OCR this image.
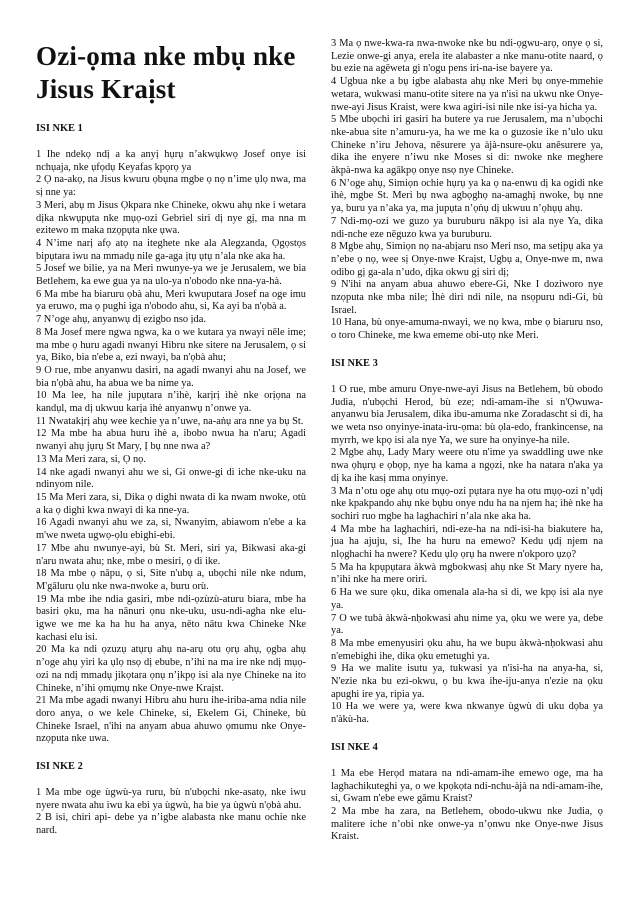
Ozi-ọma nke mbụ nke Jisus Kraịst
ISI NKE 1

1 Ihe ndekọ ndị a ka anyị hụrụ n’akwụkwọ Josef onye isi nchụaja, nke ụfọdụ Keyafas kpọrọ ya

2 Ọ na-akọ, na Jisus kwuru ọbụna mgbe ọ nọ n’ime ụlọ nwa, ma sị nne ya:

3 Meri, abụ m Jisus Ọkpara nke Chineke, okwu ahụ nke i wetara dịka nkwụpụta nke mụọ-ozi Gebriel siri dị nye gị, ma nna m ezitewo m maka nzọpụta nke ụwa.

4 N’ime narị afọ atọ na iteghete nke ala Alegzanda, Ọgọstọs bipụtara iwu na mmadụ nile ga-aga ịtụ ụtụ n’ala nke aka ha.

5 Josef we bilie, ya na Meri nwunye-ya we je Jerusalem, we bia Betlehem, ka ewe gua ya na ulo-ya n'obodo nke nna-ya-hà.

6 Ma mbe ha biaruru ọbà ahu, Meri kwuputara Josef na oge imu ya eruwo, ma ọ pughi iga n'obodo ahu, si, Ka ayi ba n'ọbà a.

7 N’oge ahụ, anyanwụ dị ezigbo nso ịda.

8 Ma Josef mere ngwa ngwa, ka o we kutara ya nwayi nēle ime; ma mbe ọ huru agadi nwanyi Hibru nke sitere na Jerusalem, ọ si ya, Biko, bia n'ebe a, ezi nwayi, ba n'ọbà ahu;

9 O rue, mbe anyanwu dasiri, na agadi nwanyi ahu na Josef, we bia n'ọbà ahu, ha abua we ba nime ya.

10 Ma lee, ha nile jupụtara n’ìhè, karịrị ìhè nke orịọna na kandụl, ma dị ukwuu karịa ìhè anyanwụ n’onwe ya.

11 Nwatakịrị ahụ wee kechie ya n’uwe, na-aṅụ ara nne ya bụ St.

12 Ma mbe ha abua huru ìhè a, ibobo nwua ha n'aru; Agadi nwanyi ahụ jụrụ St Mary, Ị bụ nne nwa a?

13 Ma Meri zara, si, Ọ nọ.

14 nke agadi nwanyi ahu we si, Gi onwe-gi di iche nke-uku na ndinyom nile.

15 Ma Meri zara, si, Dika ọ dighi nwata di ka nwam nwoke, otù a ka ọ dighi kwa nwayi di ka nne-ya.

16 Agadi nwanyi ahu we za, si, Nwanyim, abiawom n'ebe a ka m'we nweta ugwọ-ọlu ebighi-ebi.

17 Mbe ahu nwunye-ayi, bù St. Meri, siri ya, Bikwasi aka-gi n'aru nwata ahu; nke, mbe o mesiri, ọ di ike.

18 Ma mbe ọ nāpu, ọ si, Site n'ubụ a, ubọchi nile nke ndum, M'gāluru ọlu nke nwa-nwoke a, buru orù.

19 Ma mbe ihe ndia gasiri, mbe ndi-ọzùzù-aturu biara, mbe ha basiri ọku, ma ha nānuri ọnu nke-uku, usu-ndi-agha nke elu-igwe we me ka ha hu ha anya, nēto nātu kwa Chineke Nke kachasi elu isi.

20 Ma ka ndi ọzuzụ atụrụ ahụ na-arụ otu ọrụ ahụ, ọgba ahụ n’oge ahụ yiri ka ụlọ nsọ dị ebube, n’ihi na ma ire nke ndị mụọ-ozi na ndị mmadụ jikọtara ọnụ n’ịkpọ isi ala nye Chineke na ito Chineke, n’ihi ọmụmụ nke Onye-nwe Kraịst.

21 Ma mbe agadi nwanyi Hibru ahu huru ihe-iriba-ama ndia nile doro anya, o we kele Chineke, si, Ekelem Gi, Chineke, bù Chineke Israel, n'ihi na anyam abua ahuwo ọmumu nke Onye-nzọputa nke uwa.

ISI NKE 2

1 Ma mbe oge ùgwù-ya ruru, bù n'ubọchi nke-asatọ, nke iwu nyere nwata ahu iwu ka ebì ya ùgwù, ha bie ya ùgwù n'ọbà ahu.

2 B isi, chiri api- debe ya n’igbe alabasta nke manu ochie nke nard.

3 Ma ọ nwe-kwa-ra nwa-nwoke nke bu ndi-ọgwu-arọ, onye ọ si, Lezie onwe-gi anya, erela ite alabaster a nke manu-otite naard, ọ bu ezie na agēweta gi n'ogu pens iri-na-ise bayere ya.

4 Ugbua nke a bụ igbe alabasta ahụ nke Meri bụ onye-mmehie wetara, wukwasi manu-otite sitere na ya n'isi na ukwu nke Onye-nwe-ayi Jisus Kraist, were kwa agiri-isi nile nke isi-ya hicha ya.

5 Mbe ubọchi iri gasiri ha butere ya rue Jerusalem, ma n’ubọchi nke-abua site n’amuru-ya, ha we me ka o guzosie ike n’ulo uku Chineke n’iru Jehova, nēsurere ya àjà-nsure-ọku anēsurere ya, dika ihe enyere n’iwu nke Moses si di: nwoke nke meghere àkpà-nwa ka agākpọ onye nsọ nye Chineke.

6 N’oge ahụ, Simiọn ochie hụrụ ya ka ọ na-enwu dị ka ogidi nke ìhè, mgbe St. Meri bụ nwa agbọghọ na-amaghị nwoke, bụ nne ya, buru ya n’aka ya, ma jupụta n’ọṅụ dị ukwuu n’ọhụụ ahụ.

7 Ndi-mọ-ozi we guzo ya buruburu nākpọ isi ala nye Ya, dika ndi-nche eze nēguzo kwa ya buruburu.

8 Mgbe ahụ, Simiọn nọ na-abịaru nso Meri nso, ma setịpụ aka ya n’ebe ọ nọ, wee sị Onye-nwe Kraịst, Ugbụ a, Onye-nwe m, nwa odibo gị ga-ala n’udo, dịka okwu gị siri dị;

9 N'ihi na anyam abua ahuwo ebere-Gi, Nke I doziworo nye nzọputa nke mba nile; Ìhè diri ndi nile, na nsọpuru ndi-Gi, bù Israel.

10 Hana, bù onye-amuma-nwayi, we nọ kwa, mbe ọ biaruru nso, o toro Chineke, me kwa ememe obi-utọ nke Meri.

ISI NKE 3

1 O rue, mbe amuru Onye-nwe-ayi Jisus na Betlehem, bù obodo Judia, n'ubọchi Herod, bù eze; ndi-amam-ihe si n'Ọwuwa-anyanwu bia Jerusalem, dika ibu-amuma nke Zoradascht si di, ha we weta nso onyinye-inata-iru-ọma: bù ọla-edo, frankincense, na myrrh, we kpọ isi ala nye Ya, we sure ha onyinye-ha nile.

2 Mgbe ahụ, Lady Mary weere otu n'ime ya swaddling uwe nke nwa ọhụrụ e ọbọp, nye ha kama a ngọzi, nke ha natara n'aka ya dị ka ihe kasị mma onyinye.

3 Ma n’otu oge ahụ otu mụọ-ozi pụtara nye ha otu mụọ-ozi n’ụdị nke kpakpando ahụ nke bụbu onye ndu ha na njem ha; ìhè nke ha sochiri ruo mgbe ha laghachiri n’ala nke aka ha.

4 Ma mbe ha laghachiri, ndi-eze-ha na ndi-isi-ha biakutere ha, jua ha ajuju, si, Ihe ha huru na emewo? Kedu ụdị njem na nlọghachi ha nwere? Kedu ụlọ ọrụ ha nwere n'okporo ụzọ?

5 Ma ha kpụpụtara àkwà mgbokwasị ahụ nke St Mary nyere ha, n’ihi nke ha mere oriri.

6 Ha we sure ọku, dika omenala ala-ha si di, we kpọ isi ala nye ya.

7 O we tubà àkwà-nḥokwasi ahu nime ya, ọku we were ya, debe ya.

8 Ma mbe emenyusiri ọku ahu, ha we bupu àkwà-nḥokwasi ahu n'emebighi ihe, dika ọku emetughi ya.

9 Ha we malite isutu ya, tukwasi ya n'isi-ha na anya-ha, si, N'ezie nka bu ezi-okwu, ọ bu kwa ihe-iju-anya n'ezie na ọku apughi ire ya, ripia ya.

10 Ha we were ya, were kwa nkwanye ùgwù di uku dọba ya n'àkù-ha.

ISI NKE 4

1 Ma ebe Herọd matara na ndi-amam-ihe emewo oge, ma ha laghachikuteghi ya, o we kpọkọta ndi-nchu-àjà na ndi-amam-ihe, si, Gwam n'ebe ewe gāmu Kraist?

2 Ma mbe ha zara, na Betlehem, obodo-ukwu nke Judia, ọ malitere iche n’obi nke onwe-ya n’ọnwu nke Onye-nwe Jisus Kraist.
